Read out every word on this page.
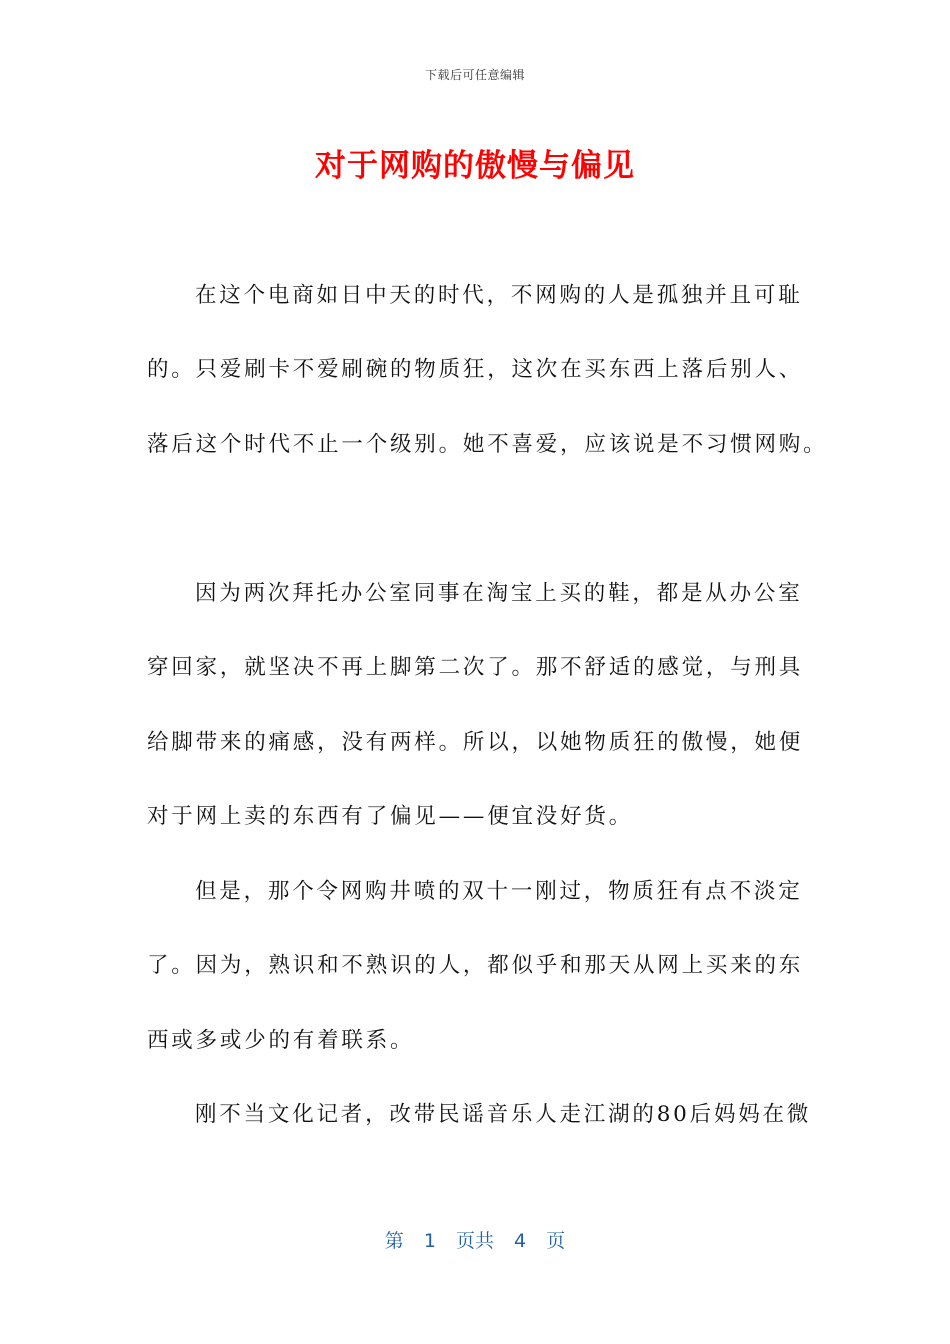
下载后可任意编辑
对于网购的傲慢与偏见
在这个电商如日中天的时代，不网购的人是孤独并且可耻
的。只爱刷卡不爱刷碗的物质狂，这次在买东西上落后别人、
落后这个时代不止一个级别。她不喜爱，应该说是不习惯网购。
因为两次拜托办公室同事在淘宝上买的鞋，都是从办公室
穿回家，就坚决不再上脚第二次了。那不舒适的感觉，与刑具
给脚带来的痛感，没有两样。所以，以她物质狂的傲慢，她便
对于网上卖的东西有了偏见——便宜没好货。
但是，那个令网购井喷的双十一刚过，物质狂有点不淡定
了。因为，熟识和不熟识的人，都似乎和那天从网上买来的东
西或多或少的有着联系。
刚不当文化记者，改带民谣音乐人走江湖的80后妈妈在微
第 1 页共 4 页
